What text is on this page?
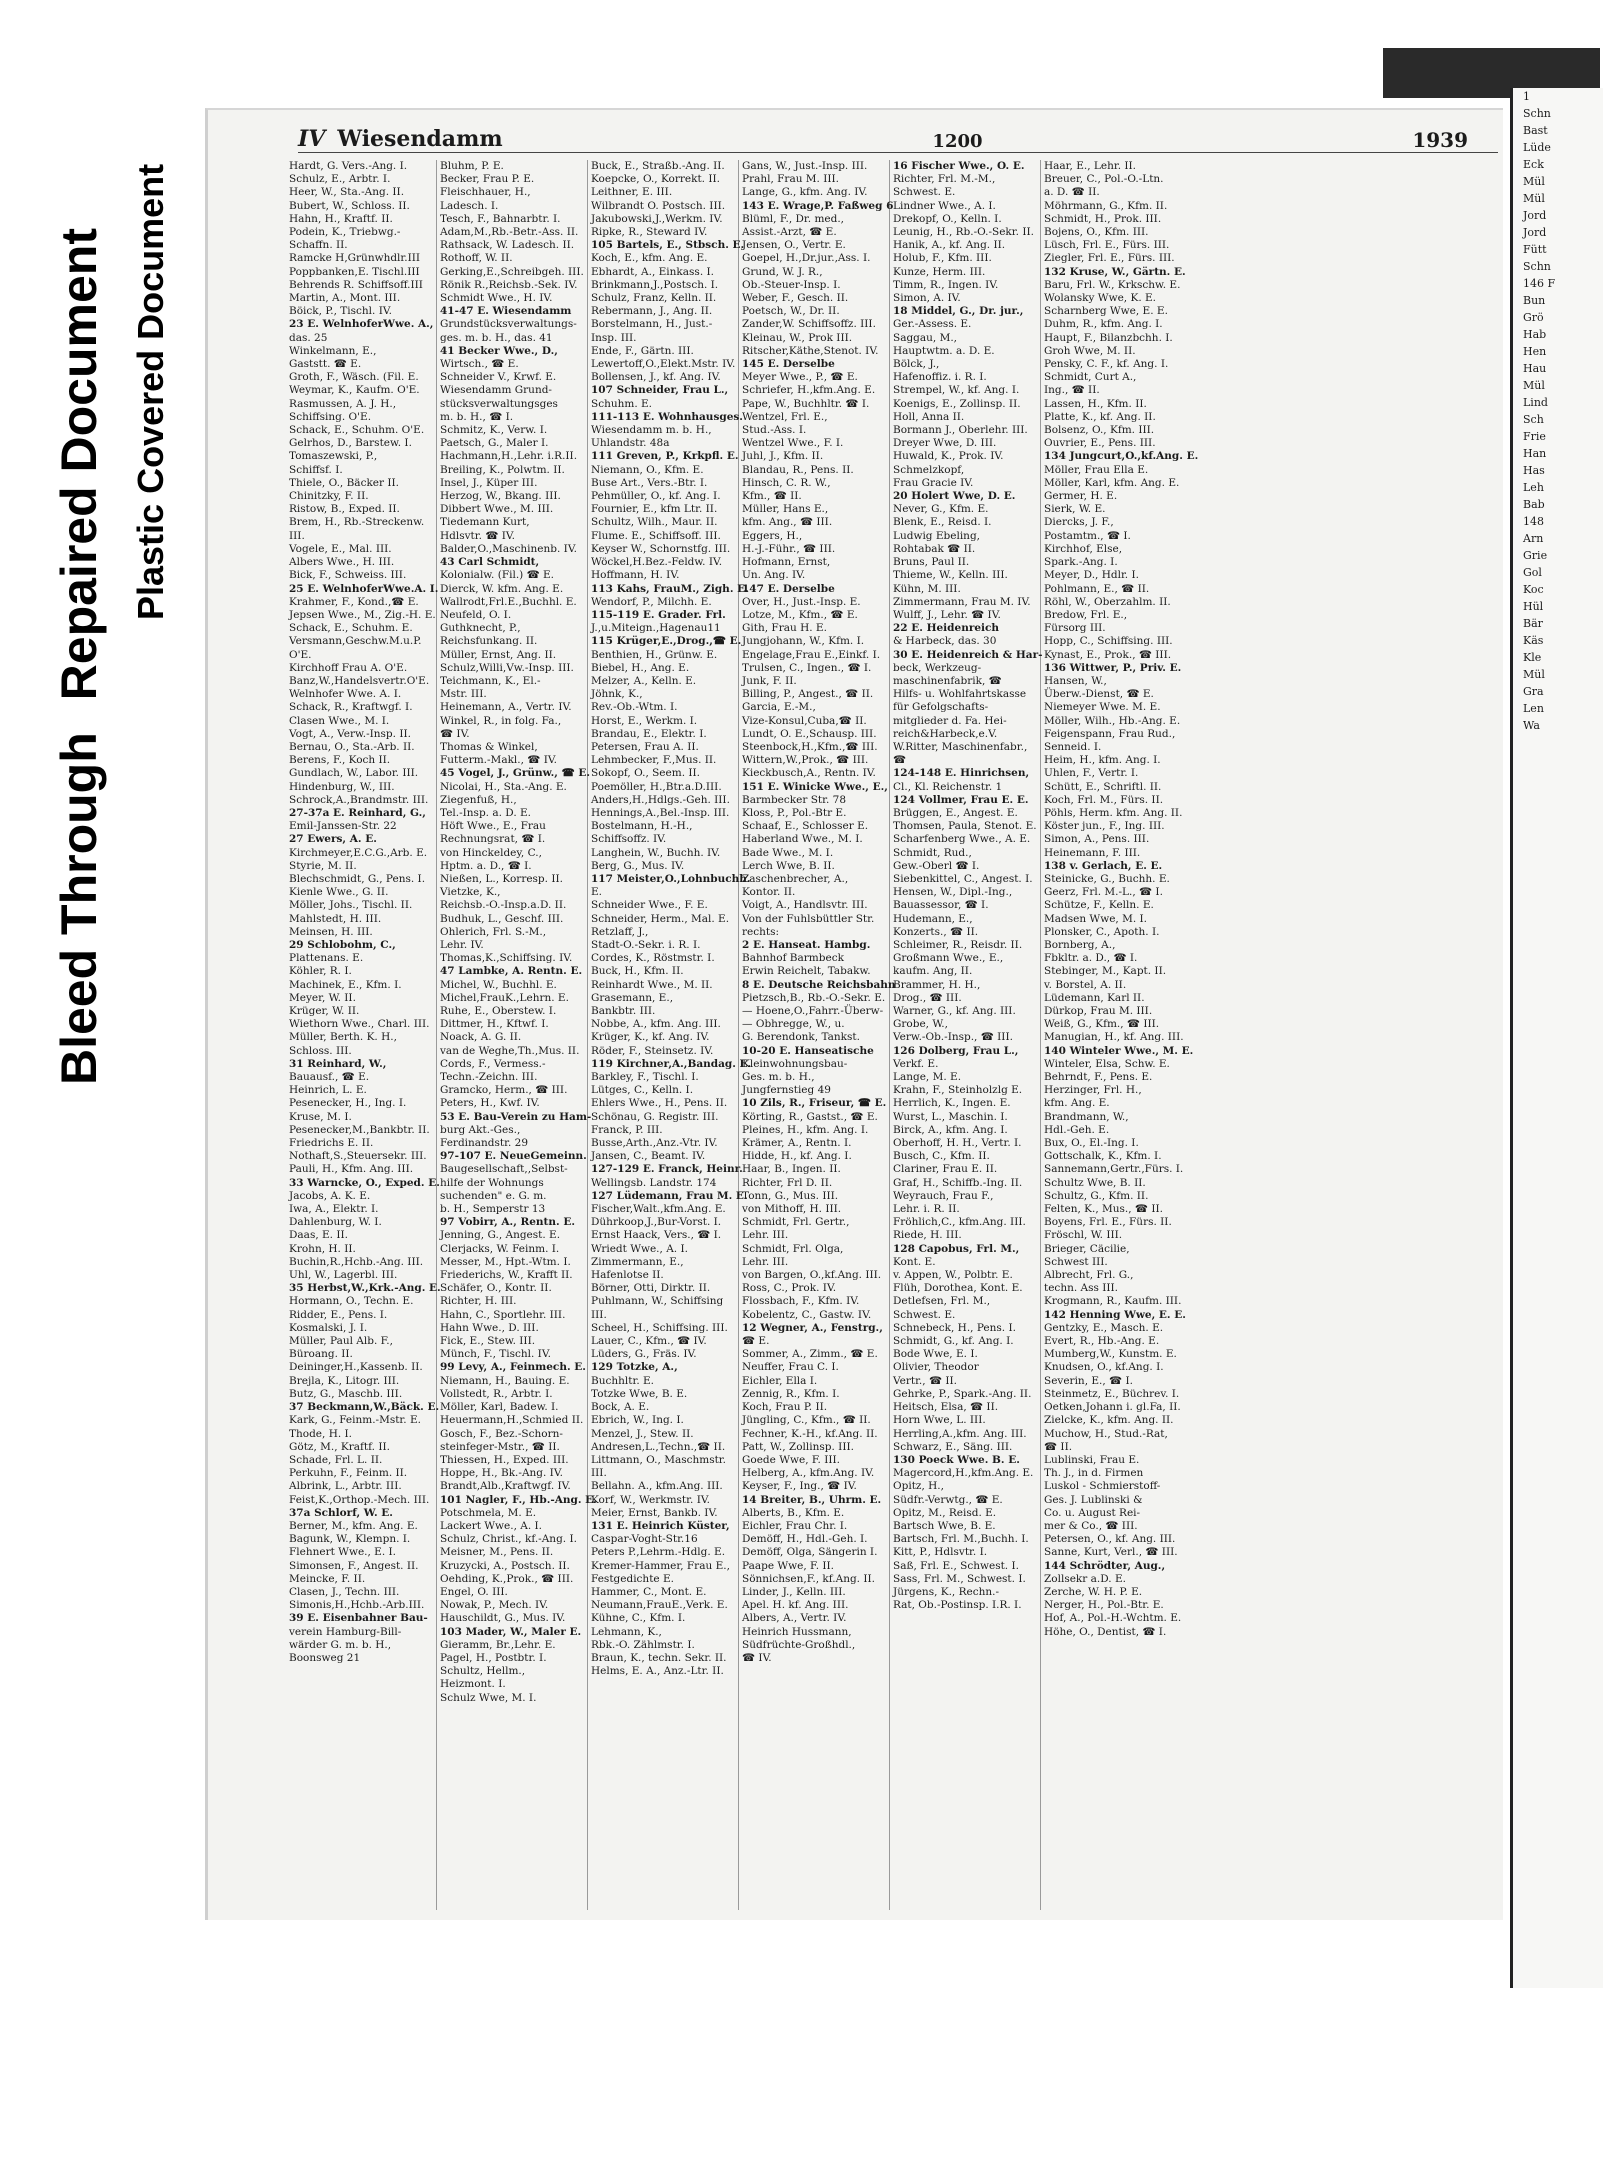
Bleed Through Repaired Document Plastic Covered Document
1
Schn
Bast
Lüde
Eck
Mül
Mül
Jord
Jord
Fütt
Schn
146 F
Bun
Grö
Hab
Hen
Hau
Mül
Lind
Sch
Frie
Han
Has
Leh
Bab
148
Arn
Grie
Gol
Koc
Hül
Bär
Käs
Kle
Mül
Gra
Len
Wa
IV Wiesendamm	1200	1939
Hardt, G. Vers.-Ang. I.
Schulz, E., Arbtr. I.
Heer, W., Sta.-Ang. II.
Bubert, W., Schloss. II.
Hahn, H., Kraftf. II.
Podein, K., Triebwg.-
Schaffn. II.
Ramcke H,Grünwhdlr.III
Poppbanken,E. Tischl.III
Behrends R. Schiffsoff.III
Martin, A., Mont. III.
Böick, P., Tischl. IV.
23 E. WelnhoferWwe. A.,
das. 25
Winkelmann, E.,
Gaststt. ☎ E.
Groth, F., Wäsch. (Fil. E.
Weymar, K., Kaufm. O'E.
Rasmussen, A. J. H.,
Schiffsing. O'E.
Schack, E., Schuhm. O'E.
Gelrhos, D., Barstew. I.
Tomaszewski, P.,
Schiffsf. I.
Thiele, O., Bäcker II.
Chinitzky, F. II.
Ristow, B., Exped. II.
Brem, H., Rb.-Streckenw.
III.
Vogele, E., Mal. III.
Albers Wwe., H. III.
Bick, F., Schweiss. III.
25 E. WelnhoferWwe.A. I.
Krahmer, F., Kond.,☎ E.
Jepsen Wwe., M., Zig.-H. E.
Schack, E., Schuhm. E.
Versmann,Geschw.M.u.P.
O'E.
Kirchhoff Frau A. O'E.
Banz,W.,Handelsvertr.O'E.
Welnhofer Wwe. A. I.
Schack, R., Kraftwgf. I.
Clasen Wwe., M. I.
Vogt, A., Verw.-Insp. II.
Bernau, O., Sta.-Arb. II.
Berens, F., Koch II.
Gundlach, W., Labor. III.
Hindenburg, W., III.
Schrock,A.,Brandmstr. III.
27-37a E. Reinhard, G.,
Emil-Janssen-Str. 22
27 Ewers, A. E.
Kirchmeyer,E.C.G.,Arb. E.
Styrie, M. II.
Blechschmidt, G., Pens. I.
Kienle Wwe., G. II.
Möller, Johs., Tischl. II.
Mahlstedt, H. III.
Meinsen, H. III.
29 Schlobohm, C.,
Plattenans. E.
Köhler, R. I.
Machinek, E., Kfm. I.
Meyer, W. II.
Krüger, W. II.
Wiethorn Wwe., Charl. III.
Müller, Berth. K. H.,
Schloss. III.
31 Reinhard, W.,
Bauausf., ☎ E.
Heinrich, L. E.
Pesenecker, H., Ing. I.
Kruse, M. I.
Pesenecker,M.,Bankbtr. II.
Friedrichs E. II.
Nothaft,S.,Steuersekr. III.
Pauli, H., Kfm. Ang. III.
33 Warncke, O., Exped. E.
Jacobs, A. K. E.
Iwa, A., Elektr. I.
Dahlenburg, W. I.
Daas, E. II.
Krohn, H. II.
Buchin,R.,Hchb.-Ang. III.
Uhl, W., Lagerbl. III.
35 Herbst,W.,Krk.-Ang. E.
Hormann, O., Techn. E.
Ridder, E., Pens. I.
Kosmalski, J. I.
Müller, Paul Alb. F.,
Büroang. II.
Deininger,H.,Kassenb. II.
Brejla, K., Litogr. III.
Butz, G., Maschb. III.
37 Beckmann,W.,Bäck. E.
Kark, G., Feinm.-Mstr. E.
Thode, H. I.
Götz, M., Kraftf. II.
Schade, Frl. L. II.
Perkuhn, F., Feinm. II.
Albrink, L., Arbtr. III.
Feist,K.,Orthop.-Mech. III.
37a Schlorf, W. E.
Berner, M., kfm. Ang. E.
Bagunk, W., Klempn. I.
Flehnert Wwe., E. I.
Simonsen, F., Angest. II.
Meincke, F. II.
Clasen, J., Techn. III.
Simonis,H.,Hchb.-Arb.III.
39 E. Eisenbahner Bau-
verein Hamburg-Bill-
wärder G. m. b. H.,
Boonsweg 21
Bluhm, P. E.
Becker, Frau P. E.
Fleischhauer, H.,
Ladesch. I.
Tesch, F., Bahnarbtr. I.
Adam,M.,Rb.-Betr.-Ass. II.
Rathsack, W. Ladesch. II.
Rothoff, W. II.
Gerking,E.,Schreibgeh. III.
Rönik R.,Reichsb.-Sek. IV.
Schmidt Wwe., H. IV.
41-47 E. Wiesendamm
Grundstücksverwaltungs-
ges. m. b. H., das. 41
41 Becker Wwe., D.,
Wirtsch., ☎ E.
Schneider V., Krwf. E.
Wiesendamm Grund-
stücksverwaltungsges
m. b. H., ☎ I.
Schmitz, K., Verw. I.
Paetsch, G., Maler I.
Hachmann,H.,Lehr. i.R.II.
Breiling, K., Polwtm. II.
Insel, J., Küper III.
Herzog, W., Bkang. III.
Dibbert Wwe., M. III.
Tiedemann Kurt,
Hdlsvtr. ☎ IV.
Balder,O.,Maschinenb. IV.
43 Carl Schmidt,
Kolonialw. (Fil.) ☎ E.
Dierck, W. kfm. Ang. E.
Wallrodt,Frl.E.,Buchhl. E.
Neufeld, O. I.
Guthknecht, P.,
Reichsfunkang. II.
Müller, Ernst, Ang. II.
Schulz,Willi,Vw.-Insp. III.
Teichmann, K., El.-
Mstr. III.
Heinemann, A., Vertr. IV.
Winkel, R., in folg. Fa.,
☎ IV.
Thomas & Winkel,
Futterm.-Makl., ☎ IV.
45 Vogel, J., Grünw., ☎ E.
Nicolai, H., Sta.-Ang. E.
Ziegenfuß, H.,
Tel.-Insp. a. D. E.
Höft Wwe., E., Frau
Rechnungsrat, ☎ I.
von Hinckeldey, C.,
Hptm. a. D., ☎ I.
Nießen, L., Korresp. II.
Vietzke, K.,
Reichsb.-O.-Insp.a.D. II.
Budhuk, L., Geschf. III.
Ohlerich, Frl. S.-M.,
Lehr. IV.
Thomas,K.,Schiffsing. IV.
47 Lambke, A. Rentn. E.
Michel, W., Buchhl. E.
Michel,FrauK.,Lehrn. E.
Ruhe, E., Oberstew. I.
Dittmer, H., Kftwf. I.
Noack, A. G. II.
van de Weghe,Th.,Mus. II.
Cords, F., Vermess.-
Techn.-Zeichn. III.
Gramcko, Herm., ☎ III.
Peters, H., Kwf. IV.
53 E. Bau-Verein zu Ham-
burg Akt.-Ges.,
Ferdinandstr. 29
97-107 E. NeueGemeinn.
Baugesellschaft,,Selbst-
hilfe der Wohnungs
suchenden" e. G. m.
b. H., Semperstr 13
97 Vobirr, A., Rentn. E.
Jenning, G., Angest. E.
Clerjacks, W. Feinm. I.
Messer, M., Hpt.-Wtm. I.
Friederichs, W., Krafft II.
Schäfer, O., Kontr. II.
Richter, H. III.
Hahn, C., Sportlehr. III.
Hahn Wwe., D. III.
Fick, E., Stew. III.
Münch, F., Tischl. IV.
99 Levy, A., Feinmech. E.
Niemann, H., Bauing. E.
Vollstedt, R., Arbtr. I.
Möller, Karl, Badew. I.
Heuermann,H.,Schmied II.
Gosch, F., Bez.-Schorn-
steinfeger-Mstr., ☎ II.
Thiessen, H., Exped. III.
Hoppe, H., Bk.-Ang. IV.
Brandt,Alb.,Kraftwgf. IV.
101 Nagler, F., Hb.-Ang. E.
Potschmela, M. E.
Lackert Wwe., A. I.
Schulz, Christ., kf.-Ang. I.
Meisner, M., Pens. II.
Kruzycki, A., Postsch. II.
Oehding, K.,Prok., ☎ III.
Engel, O. III.
Nowak, P., Mech. IV.
Hauschildt, G., Mus. IV.
103 Mader, W., Maler E.
Gieramm, Br.,Lehr. E.
Pagel, H., Postbtr. I.
Schultz, Hellm.,
Heizmont. I.
Schulz Wwe, M. I.
Buck, E., Straßb.-Ang. II.
Koepcke, O., Korrekt. II.
Leithner, E. III.
Wilbrandt O. Postsch. III.
Jakubowski,J.,Werkm. IV.
Ripke, R., Steward IV.
105 Bartels, E., Stbsch. E.
Koch, E., kfm. Ang. E.
Ebhardt, A., Einkass. I.
Brinkmann,J.,Postsch. I.
Schulz, Franz, Kelln. II.
Rebermann, J., Ang. II.
Borstelmann, H., Just.-
Insp. III.
Ende, F., Gärtn. III.
Lewertoff,O.,Elekt.Mstr. IV.
Bollensen, J., kf. Ang. IV.
107 Schneider, Frau L.,
Schuhm. E.
111-113 E. Wohnhausges.
Wiesendamm m. b. H.,
Uhlandstr. 48a
111 Greven, P., Krkpfl. E.
Niemann, O., Kfm. E.
Buse Art., Vers.-Btr. I.
Pehmüller, O., kf. Ang. I.
Fournier, E., kfm Ltr. II.
Schultz, Wilh., Maur. II.
Flume. E., Schiffsoff. III.
Keyser W., Schornstfg. III.
Wöckel,H.Bez.-Feldw. IV.
Hoffmann, H. IV.
113 Kahs, FrauM., Zigh. E.
Wendorf, P., Milchh. E.
115-119 E. Grader. Frl.
J.,u.Miteign.,Hagenau11
115 Krüger,E.,Drog.,☎ E.
Benthien, H., Grünw. E.
Biebel, H., Ang. E.
Melzer, A., Kelln. E.
Jöhnk, K.,
Rev.-Ob.-Wtm. I.
Horst, E., Werkm. I.
Brandau, E., Elektr. I.
Petersen, Frau A. II.
Lehmbecker, F.,Mus. II.
Sokopf, O., Seem. II.
Poemöller, H.,Btr.a.D.III.
Anders,H.,Hdlgs.-Geh. III.
Hennings,A.,Bel.-Insp. III.
Bostelmann, H.-H.,
Schiffsoffz. IV.
Langhein, W., Buchh. IV.
Berg, G., Mus. IV.
117 Meister,O.,Lohnbuchh.
E.
Schneider Wwe., F. E.
Schneider, Herm., Mal. E.
Retzlaff, J.,
Stadt-O.-Sekr. i. R. I.
Cordes, K., Röstmstr. I.
Buck, H., Kfm. II.
Reinhardt Wwe., M. II.
Grasemann, E.,
Bankbtr. III.
Nobbe, A., kfm. Ang. III.
Krüger, K., kf. Ang. IV.
Röder, F., Steinsetz. IV.
119 Kirchner,A.,Bandag. E.
Barkley, F., Tischl. I.
Lütges, C., Kelln. I.
Ehlers Wwe., H., Pens. II.
Schönau, G. Registr. III.
Franck, P. III.
Busse,Arth.,Anz.-Vtr. IV.
Jansen, C., Beamt. IV.
127-129 E. Franck, Heinr.
Wellingsb. Landstr. 174
127 Lüdemann, Frau M. E.
Fischer,Walt.,kfm.Ang. E.
Dührkoop,J.,Bur-Vorst. I.
Ernst Haack, Vers., ☎ I.
Wriedt Wwe., A. I.
Zimmermann, E.,
Hafenlotse II.
Börner, Otti, Dirktr. II.
Puhlmann, W., Schiffsing
III.
Scheel, H., Schiffsing. III.
Lauer, C., Kfm., ☎ IV.
Lüders, G., Fräs. IV.
129 Totzke, A.,
Buchhltr. E.
Totzke Wwe, B. E.
Bock, A. E.
Ebrich, W., Ing. I.
Menzel, J., Stew. II.
Andresen,L.,Techn.,☎ II.
Littmann, O., Maschmstr.
III.
Bellahn. A., kfm.Ang. III.
Korf, W., Werkmstr. IV.
Meier, Ernst, Bankb. IV.
131 E. Heinrich Küster,
Caspar-Voght-Str.16
Peters P.,Lehrm.-Hdlg. E.
Kremer-Hammer, Frau E.,
Festgedichte E.
Hammer, C., Mont. E.
Neumann,FrauE.,Verk. E.
Kühne, C., Kfm. I.
Lehmann, K.,
Rbk.-O. Zählmstr. I.
Braun, K., techn. Sekr. II.
Helms, E. A., Anz.-Ltr. II.
Gans, W., Just.-Insp. III.
Prahl, Frau M. III.
Lange, G., kfm. Ang. IV.
143 E. Wrage,P. Faßweg 6
Blüml, F., Dr. med.,
Assist.-Arzt, ☎ E.
Jensen, O., Vertr. E.
Goepel, H.,Dr.jur.,Ass. I.
Grund, W. J. R.,
Ob.-Steuer-Insp. I.
Weber, F., Gesch. II.
Poetsch, W., Dr. II.
Zander,W. Schiffsoffz. III.
Kleinau, W., Prok III.
Ritscher,Käthe,Stenot. IV.
145 E. Derselbe
Meyer Wwe., P., ☎ E.
Schriefer, H.,kfm.Ang. E.
Pape, W., Buchhltr. ☎ I.
Wentzel, Frl. E.,
Stud.-Ass. I.
Wentzel Wwe., F. I.
Juhl, J., Kfm. II.
Blandau, R., Pens. II.
Hinsch, C. R. W.,
Kfm., ☎ II.
Müller, Hans E.,
kfm. Ang., ☎ III.
Eggers, H.,
H.-J.-Führ., ☎ III.
Hofmann, Ernst,
Un. Ang. IV.
147 E. Derselbe
Over, H., Just.-Insp. E.
Lotze, M., Kfm., ☎ E.
Gith, Frau H. E.
Jungjohann, W., Kfm. I.
Engelage,Frau E.,Einkf. I.
Trulsen, C., Ingen., ☎ I.
Junk, F. II.
Billing, P., Angest., ☎ II.
Garcia, E.-M.,
Vize-Konsul,Cuba,☎ II.
Lundt, O. E.,Schausp. III.
Steenbock,H.,Kfm.,☎ III.
Wittern,W.,Prok., ☎ III.
Kieckbusch,A., Rentn. IV.
151 E. Winicke Wwe., E.,
Barmbecker Str. 78
Kloss, P., Pol.-Btr E.
Schaaf, E., Schlosser E.
Haberland Wwe., M. I.
Bade Wwe., M. I.
Lerch Wwe, B. II.
Zaschenbrecher, A.,
Kontor. II.
Voigt, A., Handlsvtr. III.
Von der Fuhlsbüttler Str.
rechts:
2 E. Hanseat. Hambg.
Bahnhof Barmbeck
Erwin Reichelt, Tabakw.
8 E. Deutsche Reichsbahn
Pietzsch,B., Rb.-O.-Sekr. E.
— Hoene,O.,Fahrr.-Überw-
— Obhregge, W., u.
G. Berendonk, Tankst.
10-20 E. Hanseatische
Kleinwohnungsbau-
Ges. m. b. H.,
Jungfernstieg 49
10 Zils, R., Friseur, ☎ E.
Körting, R., Gastst., ☎ E.
Pleines, H., kfm. Ang. I.
Krämer, A., Rentn. I.
Hidde, H., kf. Ang. I.
Haar, B., Ingen. II.
Richter, Frl D. II.
Tonn, G., Mus. III.
von Mithoff, H. III.
Schmidt, Frl. Gertr.,
Lehr. III.
Schmidt, Frl. Olga,
Lehr. III.
von Bargen, O.,kf.Ang. III.
Ross, C., Prok. IV.
Flossbach, F., Kfm. IV.
Kobelentz, C., Gastw. IV.
12 Wegner, A., Fenstrg.,
☎ E.
Sommer, A., Zimm., ☎ E.
Neuffer, Frau C. I.
Eichler, Ella I.
Zennig, R., Kfm. I.
Koch, Frau P. II.
Jüngling, C., Kfm., ☎ II.
Fechner, K.-H., kf.Ang. II.
Patt, W., Zollinsp. III.
Goede Wwe, F. III.
Helberg, A., kfm.Ang. IV.
Keyser, F., Ing., ☎ IV.
14 Breiter, B., Uhrm. E.
Alberts, B., Kfm. E.
Eichler, Frau Chr. I.
Demöff, H., Hdl.-Geh. I.
Demöff, Olga, Sängerin I.
Paape Wwe, F. II.
Sönnichsen,F., kf.Ang. II.
Linder, J., Kelln. III.
Apel. H. kf. Ang. III.
Albers, A., Vertr. IV.
Heinrich Hussmann,
Südfrüchte-Großhdl.,
☎ IV.
16 Fischer Wwe., O. E.
Richter, Frl. M.-M.,
Schwest. E.
Lindner Wwe., A. I.
Drekopf, O., Kelln. I.
Leunig, H., Rb.-O.-Sekr. II.
Hanik, A., kf. Ang. II.
Holub, F., Kfm. III.
Kunze, Herm. III.
Timm, R., Ingen. IV.
Simon, A. IV.
18 Middel, G., Dr. jur.,
Ger.-Assess. E.
Saggau, M.,
Hauptwtm. a. D. E.
Bölck, J.,
Hafenoffiz. i. R. I.
Strempel, W., kf. Ang. I.
Koenigs, E., Zollinsp. II.
Holl, Anna II.
Bormann J., Oberlehr. III.
Dreyer Wwe, D. III.
Huwald, K., Prok. IV.
Schmelzkopf,
Frau Gracie IV.
20 Holert Wwe, D. E.
Never, G., Kfm. E.
Blenk, E., Reisd. I.
Ludwig Ebeling,
Rohtabak ☎ II.
Bruns, Paul II.
Thieme, W., Kelln. III.
Kühn, M. III.
Zimmermann, Frau M. IV.
Wulff, J., Lehr. ☎ IV.
22 E. Heidenreich
& Harbeck, das. 30
30 E. Heidenreich & Har-
beck, Werkzeug-
maschinenfabrik, ☎
Hilfs- u. Wohlfahrtskasse
für Gefolgschafts-
mitglieder d. Fa. Hei-
reich&Harbeck,e.V.
W.Ritter, Maschinenfabr.,
☎
124-148 E. Hinrichsen,
Cl., Kl. Reichenstr. 1
124 Vollmer, Frau E. E.
Brüggen, E., Angest. E.
Thomsen, Paula, Stenot. E.
Scharfenberg Wwe., A. E.
Schmidt, Rud.,
Gew.-Oberl ☎ I.
Siebenkittel, C., Angest. I.
Hensen, W., Dipl.-Ing.,
Bauassessor, ☎ I.
Hudemann, E.,
Konzerts., ☎ II.
Schleimer, R., Reisdr. II.
Großmann Wwe., E.,
kaufm. Ang, II.
Brammer, H. H.,
Drog., ☎ III.
Warner, G., kf. Ang. III.
Grobe, W.,
Verw.-Ob.-Insp., ☎ III.
126 Dolberg, Frau L.,
Verkf. E.
Lange, M. E.
Krahn, F., Steinholzlg E.
Herrlich, K., Ingen. E.
Wurst, L., Maschin. I.
Birck, A., kfm. Ang. I.
Oberhoff, H. H., Vertr. I.
Busch, C., Kfm. II.
Clariner, Frau E. II.
Graf, H., Schiffb.-Ing. II.
Weyrauch, Frau F.,
Lehr. i. R. II.
Fröhlich,C., kfm.Ang. III.
Riede, H. III.
128 Capobus, Frl. M.,
Kont. E.
v. Appen, W., Polbtr. E.
Flüh, Dorothea, Kont. E.
Detlefsen, Frl. M.,
Schwest. E.
Schnebeck, H., Pens. I.
Schmidt, G., kf. Ang. I.
Bode Wwe, E. I.
Olivier, Theodor
Vertr., ☎ II.
Gehrke, P., Spark.-Ang. II.
Heitsch, Elsa, ☎ II.
Horn Wwe, L. III.
Herrling,A.,kfm. Ang. III.
Schwarz, E., Säng. III.
130 Poeck Wwe. B. E.
Magercord,H.,kfm.Ang. E.
Opitz, H.,
Südfr.-Verwtg., ☎ E.
Opitz, M., Reisd. E.
Bartsch Wwe, B. E.
Bartsch, Frl. M.,Buchh. I.
Kitt, P., Hdlsvtr. I.
Saß, Frl. E., Schwest. I.
Sass, Frl. M., Schwest. I.
Jürgens, K., Rechn.-
Rat, Ob.-Postinsp. I.R. I.
Haar, E., Lehr. II.
Breuer, C., Pol.-O.-Ltn.
a. D. ☎ II.
Möhrmann, G., Kfm. II.
Schmidt, H., Prok. III.
Bojens, O., Kfm. III.
Lüsch, Frl. E., Fürs. III.
Ziegler, Frl. E., Fürs. III.
132 Kruse, W., Gärtn. E.
Baru, Frl. W., Krkschw. E.
Wolansky Wwe, K. E.
Scharnberg Wwe, E. E.
Duhm, R., kfm. Ang. I.
Haupt, F., Bilanzbchh. I.
Groh Wwe, M. II.
Pensky, C. F., kf. Ang. I.
Schmidt, Curt A.,
Ing., ☎ II.
Lassen, H., Kfm. II.
Platte, K., kf. Ang. II.
Bolsenz, O., Kfm. III.
Ouvrier, E., Pens. III.
134 Jungcurt,O.,kf.Ang. E.
Möller, Frau Ella E.
Möller, Karl, kfm. Ang. E.
Germer, H. E.
Sierk, W. E.
Diercks, J. F.,
Postamtm., ☎ I.
Kirchhof, Else,
Spark.-Ang. I.
Meyer, D., Hdlr. I.
Pohlmann, E., ☎ II.
Röhl, W., Oberzahlm. II.
Bredow, Frl. E.,
Fürsorg III.
Hopp, C., Schiffsing. III.
Kynast, E., Prok., ☎ III.
136 Wittwer, P., Priv. E.
Hansen, W.,
Überw.-Dienst, ☎ E.
Niemeyer Wwe. M. E.
Möller, Wilh., Hb.-Ang. E.
Feigenspann, Frau Rud.,
Senneid. I.
Heim, H., kfm. Ang. I.
Uhlen, F., Vertr. I.
Schütt, E., Schriftl. II.
Koch, Frl. M., Fürs. II.
Pöhls, Herm. kfm. Ang. II.
Köster jun., F., Ing. III.
Simon, A., Pens. III.
Heinemann, F. III.
138 v. Gerlach, E. E.
Steinicke, G., Buchh. E.
Geerz, Frl. M.-L., ☎ I.
Schütze, F., Kelln. E.
Madsen Wwe, M. I.
Plonsker, C., Apoth. I.
Bornberg, A.,
Fbkltr. a. D., ☎ I.
Stebinger, M., Kapt. II.
v. Borstel, A. II.
Lüdemann, Karl II.
Dürkop, Frau M. III.
Weiß, G., Kfm., ☎ III.
Manugian, H., kf. Ang. III.
140 Winteler Wwe., M. E.
Winteler, Elsa, Schw. E.
Behrndt, F., Pens. E.
Herzinger, Frl. H.,
kfm. Ang. E.
Brandmann, W.,
Hdl.-Geh. E.
Bux, O., El.-Ing. I.
Gottschalk, K., Kfm. I.
Sannemann,Gertr.,Fürs. I.
Schultz Wwe, B. II.
Schultz, G., Kfm. II.
Felten, K., Mus., ☎ II.
Boyens, Frl. E., Fürs. II.
Fröschl, W. III.
Brieger, Cäcilie,
Schwest III.
Albrecht, Frl. G.,
techn. Ass III.
Krogmann, R., Kaufm. III.
142 Henning Wwe, E. E.
Gentzky, E., Masch. E.
Evert, R., Hb.-Ang. E.
Mumberg,W., Kunstm. E.
Knudsen, O., kf.Ang. I.
Severin, E., ☎ I.
Steinmetz, E., Büchrev. I.
Oetken,Johann i. gl.Fa, II.
Zielcke, K., kfm. Ang. II.
Muchow, H., Stud.-Rat,
☎ II.
Lublinski, Frau E.
Th. J., in d. Firmen
Luskol - Schmierstoff-
Ges. J. Lublinski &
Co. u. August Rei-
mer & Co., ☎ III.
Petersen, O., kf. Ang. III.
Sanne, Kurt, Verl., ☎ III.
144 Schrödter, Aug.,
Zollsekr a.D. E.
Zerche, W. H. P. E.
Nerger, H., Pol.-Btr. E.
Hof, A., Pol.-H.-Wchtm. E.
Höhe, O., Dentist, ☎ I.
